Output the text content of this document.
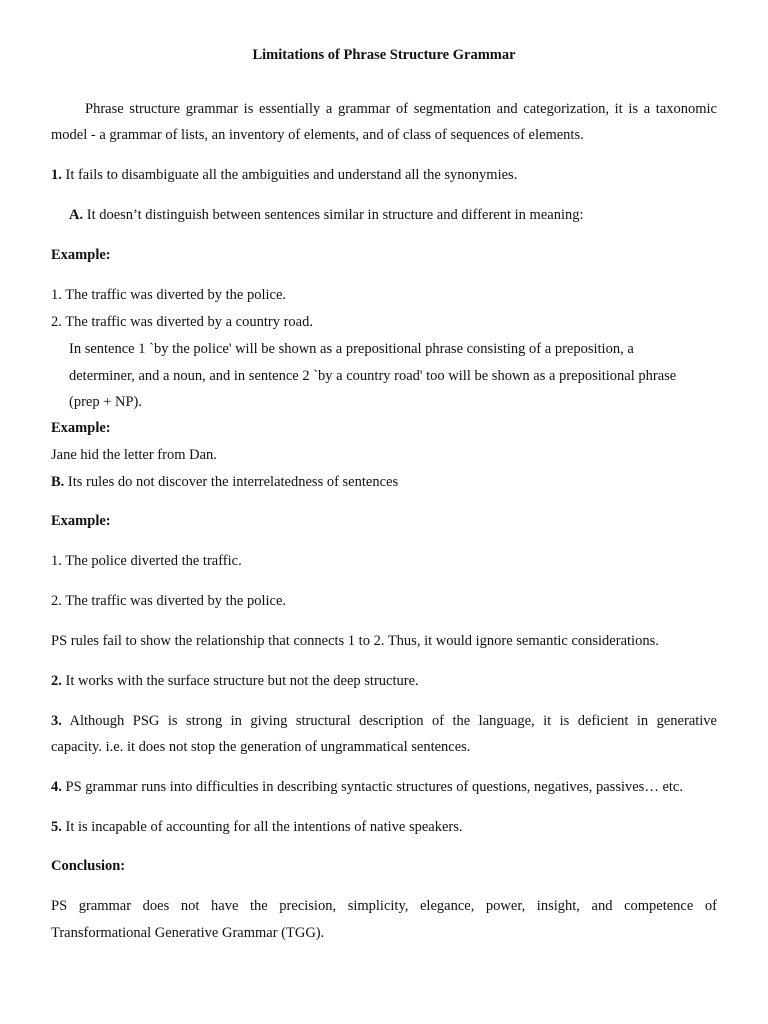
Limitations of Phrase Structure Grammar
Phrase structure grammar is essentially a grammar of segmentation and categorization, it is a taxonomic
model - a grammar of lists, an inventory of elements, and of class of sequences of elements.
1. It fails to disambiguate all the ambiguities and understand all the synonymies.
A. It doesn’t distinguish between sentences similar in structure and different in meaning:
Example:
1. The traffic was diverted by the police.
2. The traffic was diverted by a country road.
In sentence 1 `by the police' will be shown as a prepositional phrase consisting of a preposition, a
determiner, and a noun, and in sentence 2 `by a country road' too will be shown as a prepositional phrase
(prep + NP).
Example:
Jane hid the letter from Dan.
B. Its rules do not discover the interrelatedness of sentences
Example:
1. The police diverted the traffic.
2. The traffic was diverted by the police.
PS rules fail to show the relationship that connects 1 to 2. Thus, it would ignore semantic considerations.
2. It works with the surface structure but not the deep structure.
3. Although PSG is strong in giving structural description of the language, it is deficient in generative
capacity. i.e. it does not stop the generation of ungrammatical sentences.
4. PS grammar runs into difficulties in describing syntactic structures of questions, negatives, passives… etc.
5. It is incapable of accounting for all the intentions of native speakers.
Conclusion:
PS grammar does not have the precision, simplicity, elegance, power, insight, and competence of
Transformational Generative Grammar (TGG).
